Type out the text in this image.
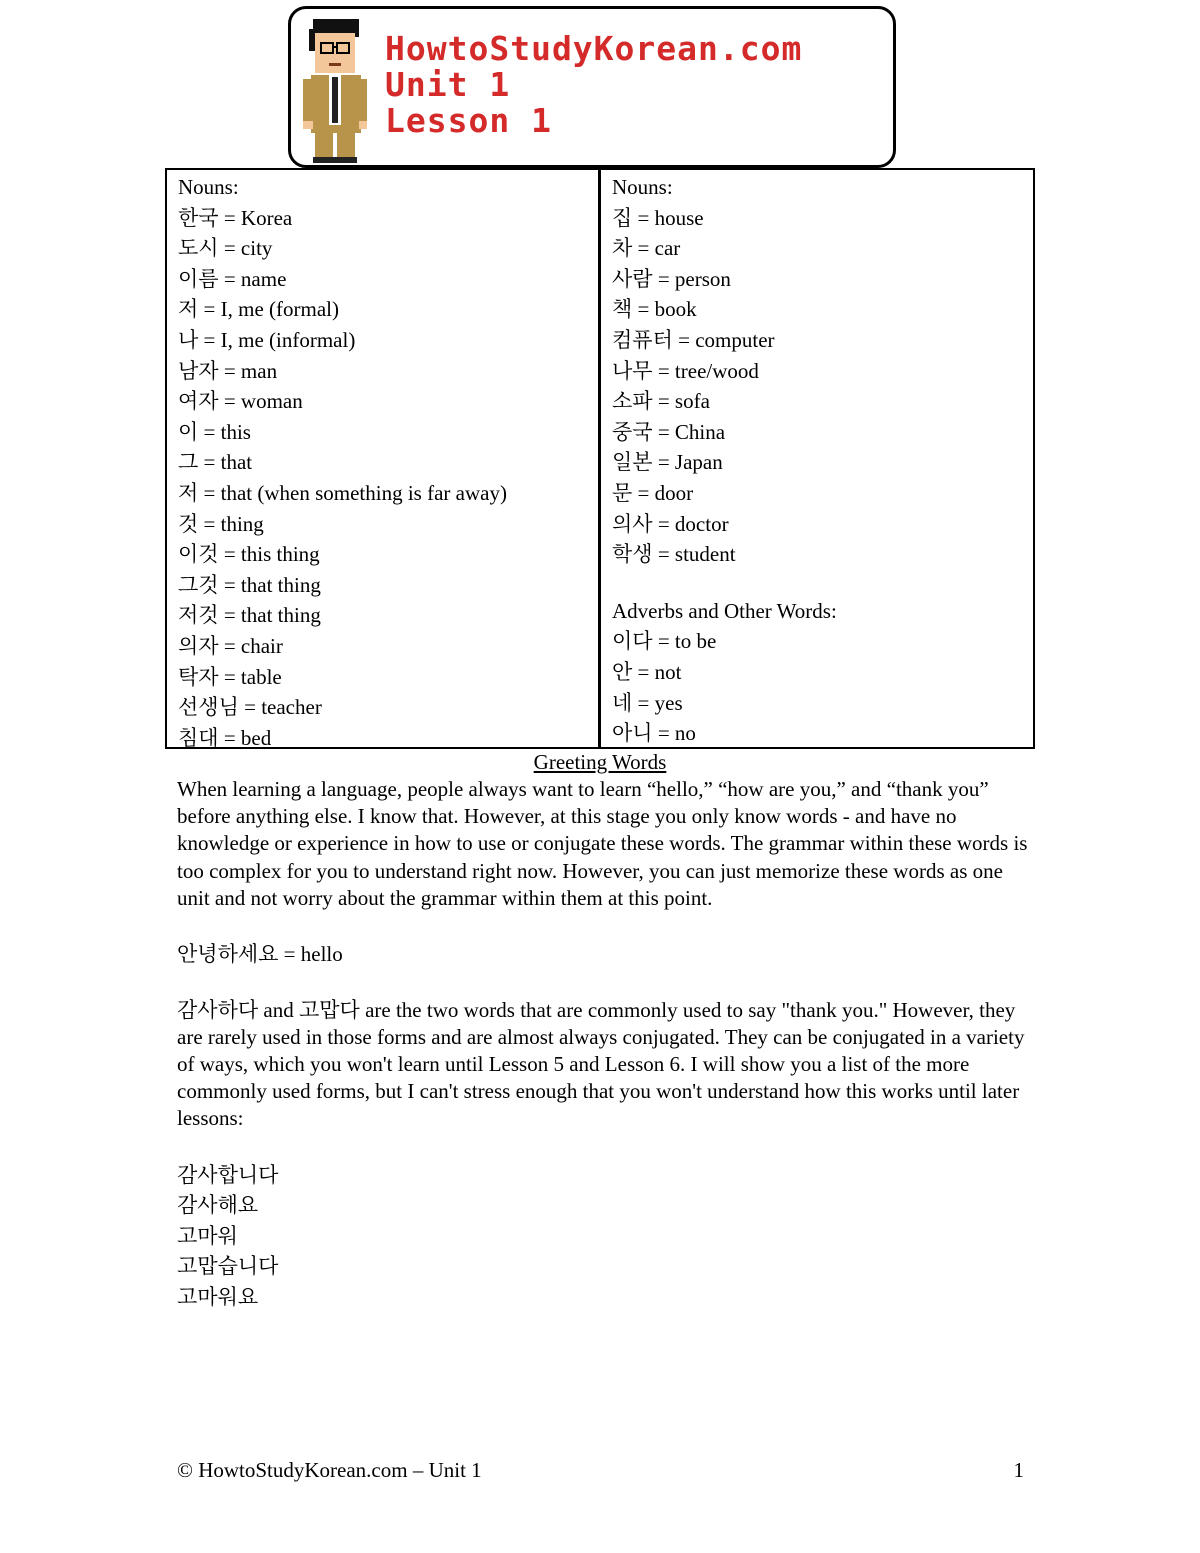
HowtoStudyKorean.com
Unit 1
Lesson 1
Nouns:
한국 = Korea
도시 = city
이름 = name
저 = I, me (formal)
나 = I, me (informal)
남자 = man
여자 = woman
이 = this
그 = that
저 = that (when something is far away)
것 = thing
이것 = this thing
그것 = that thing
저것 = that thing
의자 = chair
탁자 = table
선생님 = teacher
침대 = bed
Nouns:
집 = house
차 = car
사람 = person
책 = book
컴퓨터 = computer
나무 = tree/wood
소파 = sofa
중국 = China
일본 = Japan
문 = door
의사 = doctor
학생 = student
Adverbs and Other Words:
이다 = to be
안 = not
네 = yes
아니 = no
Greeting Words

When learning a language, people always want to learn “hello,” “how are you,” and “thank you” before anything else. I know that. However, at this stage you only know words - and have no knowledge or experience in how to use or conjugate these words. The grammar within these words is too complex for you to understand right now. However, you can just memorize these words as one unit and not worry about the grammar within them at this point.

안녕하세요 = hello

감사하다 and 고맙다 are the two words that are commonly used to say "thank you." However, they are rarely used in those forms and are almost always conjugated. They can be conjugated in a variety of ways, which you won't learn until Lesson 5 and Lesson 6. I will show you a list of the more commonly used forms, but I can't stress enough that you won't understand how this works until later lessons:

감사합니다
감사해요
고마워
고맙습니다
고마워요
© HowtoStudyKorean.com – Unit 1	1
